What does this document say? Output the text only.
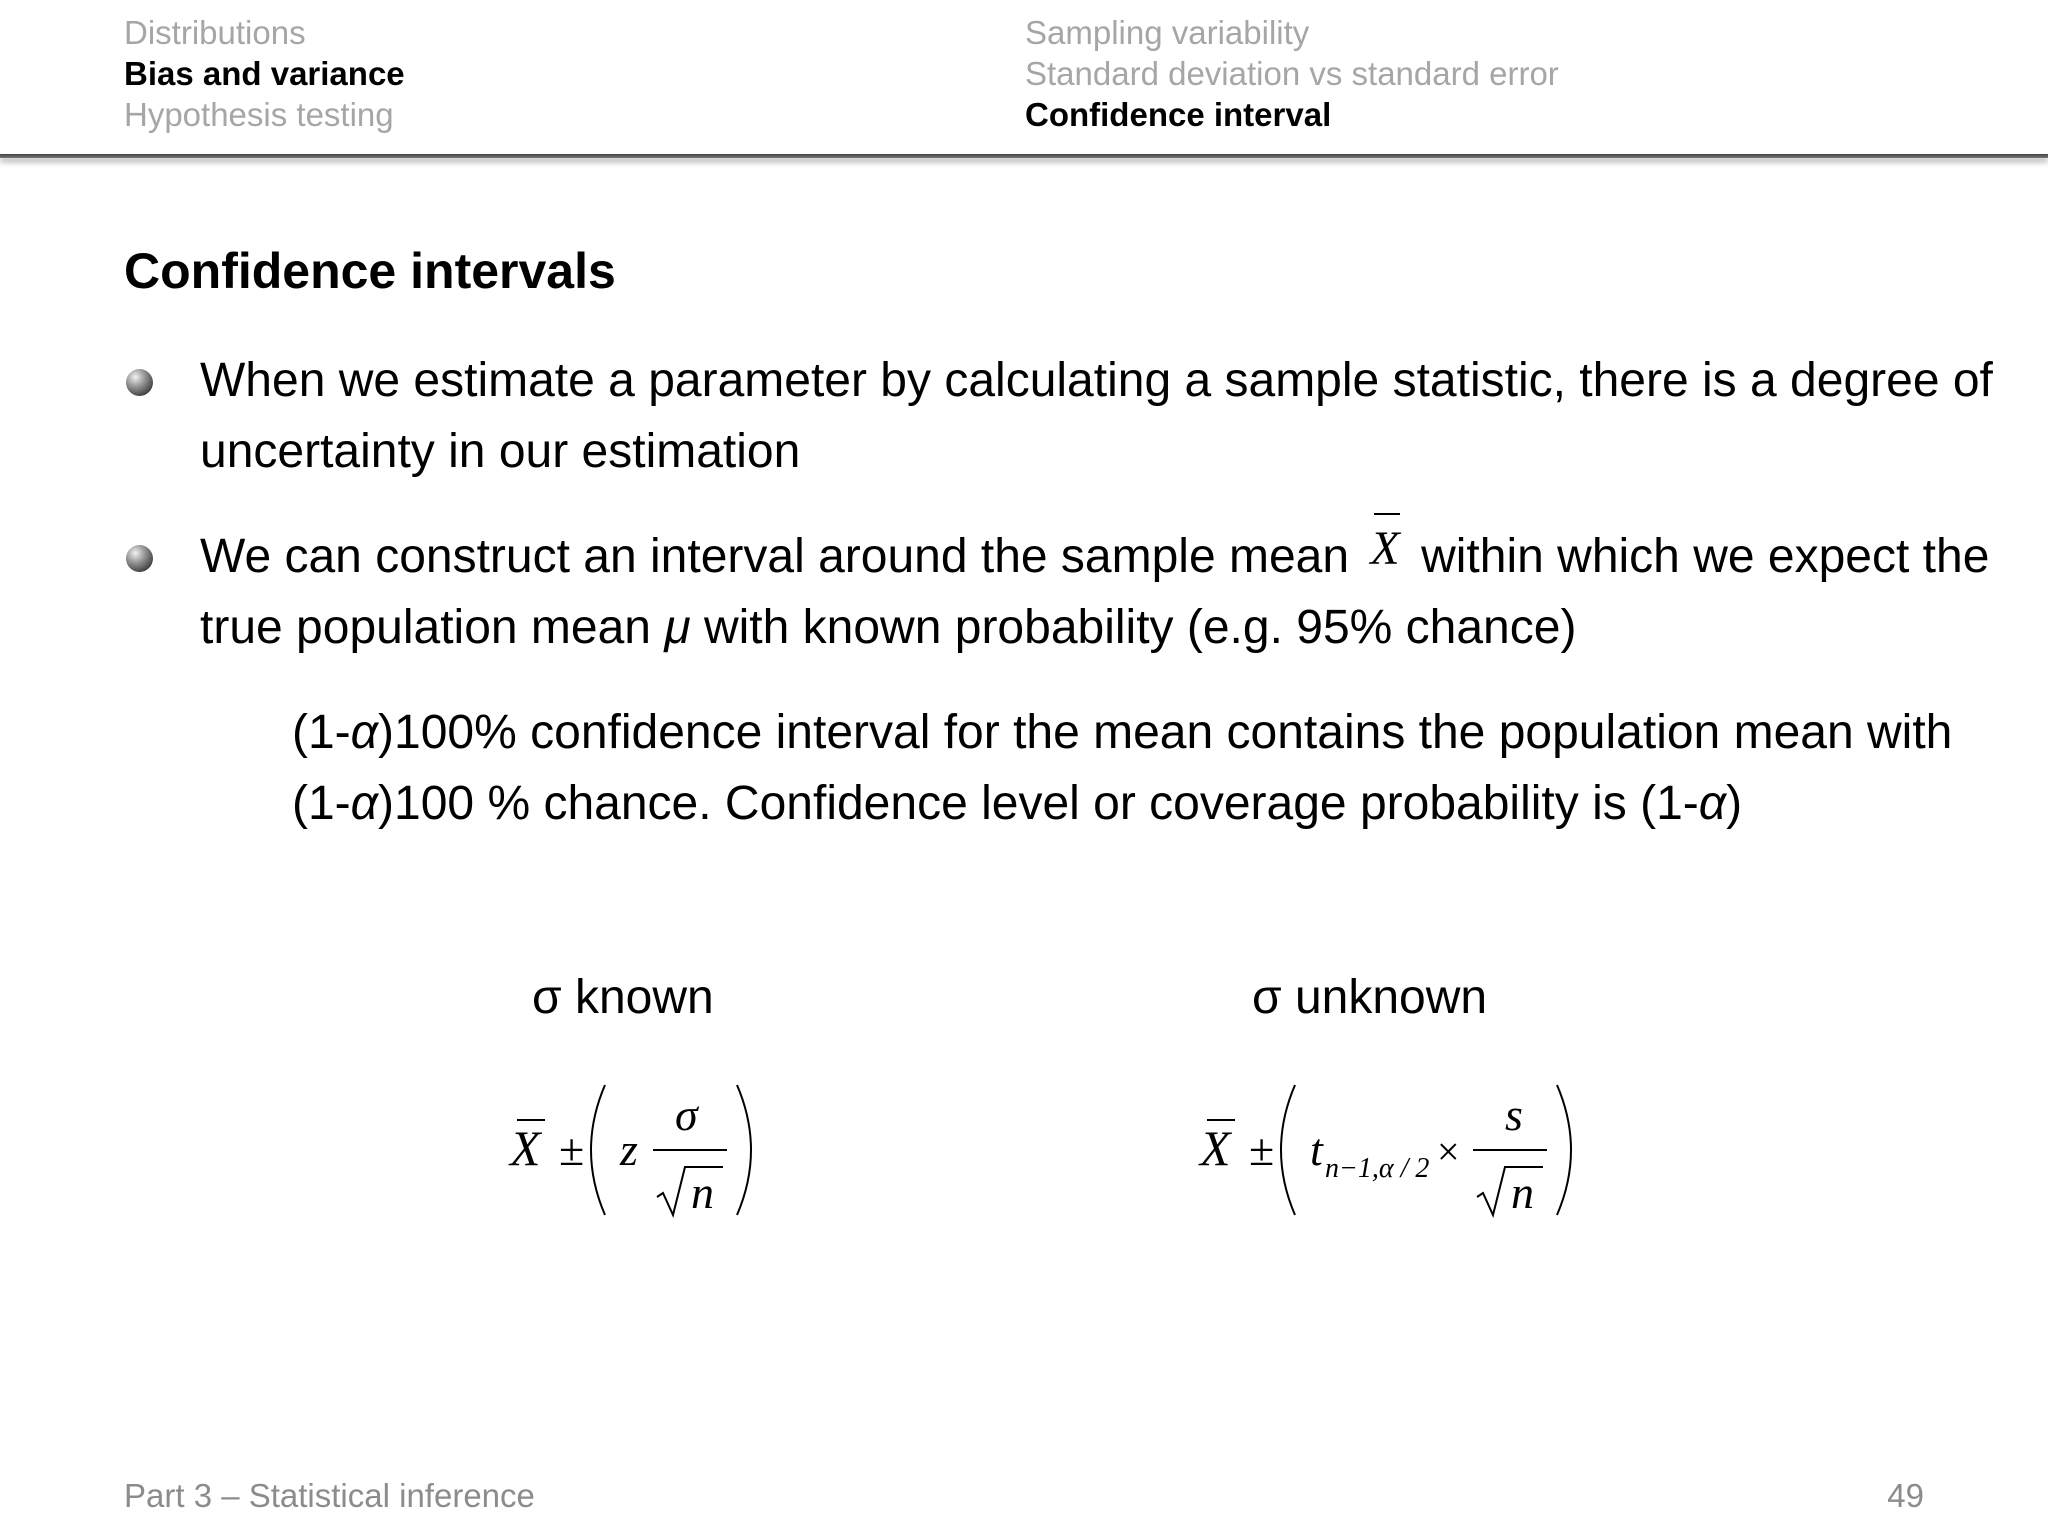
Distributions
Bias and variance
Hypothesis testing
Sampling variability
Standard deviation vs standard error
Confidence interval
Confidence intervals
When we estimate a parameter by calculating a sample statistic, there is a degree of uncertainty in our estimation
We can construct an interval around the sample mean X within which we expect the true population mean μ with known probability (e.g. 95% chance)
(1-α)100% confidence interval for the mean contains the population mean with (1-α)100 % chance. Confidence level or coverage probability is (1-α)
σ known	σ unknown
X ± z
σ
n
X ± t n−1,α / 2 ×
s
n
Part 3 – Statistical inference	49
